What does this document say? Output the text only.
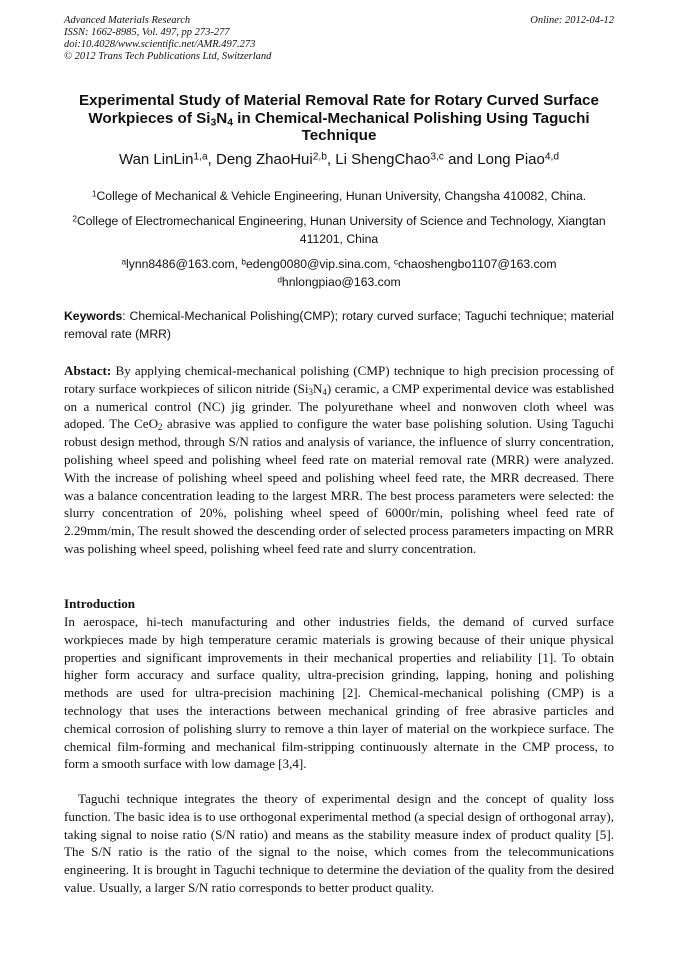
Advanced Materials Research
ISSN: 1662-8985, Vol. 497, pp 273-277
doi:10.4028/www.scientific.net/AMR.497.273
© 2012 Trans Tech Publications Ltd, Switzerland
Online: 2012-04-12
Experimental Study of Material Removal Rate for Rotary Curved Surface Workpieces of $Si_3N_4$ in Chemical-Mechanical Polishing Using Taguchi Technique
Wan LinLin$^{1,a}$, Deng ZhaoHui$^{2,b}$, Li ShengChao$^{3,c}$ and Long Piao$^{4,d}$
$^1$College of Mechanical & Vehicle Engineering, Hunan University, Changsha 410082, China.
$^2$College of Electromechanical Engineering, Hunan University of Science and Technology, Xiangtan 411201, China
$^a$lynn8486@163.com, $^b$edeng0080@vip.sina.com, $^c$chaoshengbo1107@163.com
$^d$hnlongpiao@163.com
Keywords: Chemical-Mechanical Polishing(CMP); rotary curved surface; Taguchi technique; material removal rate (MRR)
Abstact: By applying chemical-mechanical polishing (CMP) technique to high precision processing of rotary surface workpieces of silicon nitride $(Si_3N_4)$ ceramic, a CMP experimental device was established on a numerical control (NC) jig grinder. The polyurethane wheel and nonwoven cloth wheel was adoped. The CeO$_2$ abrasive was applied to configure the water base polishing solution. Using Taguchi robust design method, through S/N ratios and analysis of variance, the influence of slurry concentration, polishing wheel speed and polishing wheel feed rate on material removal rate (MRR) were analyzed. With the increase of polishing wheel speed and polishing wheel feed rate, the MRR decreased. There was a balance concentration leading to the largest MRR. The best process parameters were selected: the slurry concentration of 20%, polishing wheel speed of 6000r/min, polishing wheel feed rate of 2.29mm/min, The result showed the descending order of selected process parameters impacting on MRR was polishing wheel speed, polishing wheel feed rate and slurry concentration.
Introduction
In aerospace, hi-tech manufacturing and other industries fields, the demand of curved surface workpieces made by high temperature ceramic materials is growing because of their unique physical properties and significant improvements in their mechanical properties and reliability [1]. To obtain higher form accuracy and surface quality, ultra-precision grinding, lapping, honing and polishing methods are used for ultra-precision machining [2]. Chemical-mechanical polishing (CMP) is a technology that uses the interactions between mechanical grinding of free abrasive particles and chemical corrosion of polishing slurry to remove a thin layer of material on the workpiece surface. The chemical film-forming and mechanical film-stripping continuously alternate in the CMP process, to form a smooth surface with low damage [3,4].
Taguchi technique integrates the theory of experimental design and the concept of quality loss function. The basic idea is to use orthogonal experimental method (a special design of orthogonal array), taking signal to noise ratio (S/N ratio) and means as the stability measure index of product quality [5]. The S/N ratio is the ratio of the signal to the noise, which comes from the telecommunications engineering. It is brought in Taguchi technique to determine the deviation of the quality from the desired value. Usually, a larger S/N ratio corresponds to better product quality.
